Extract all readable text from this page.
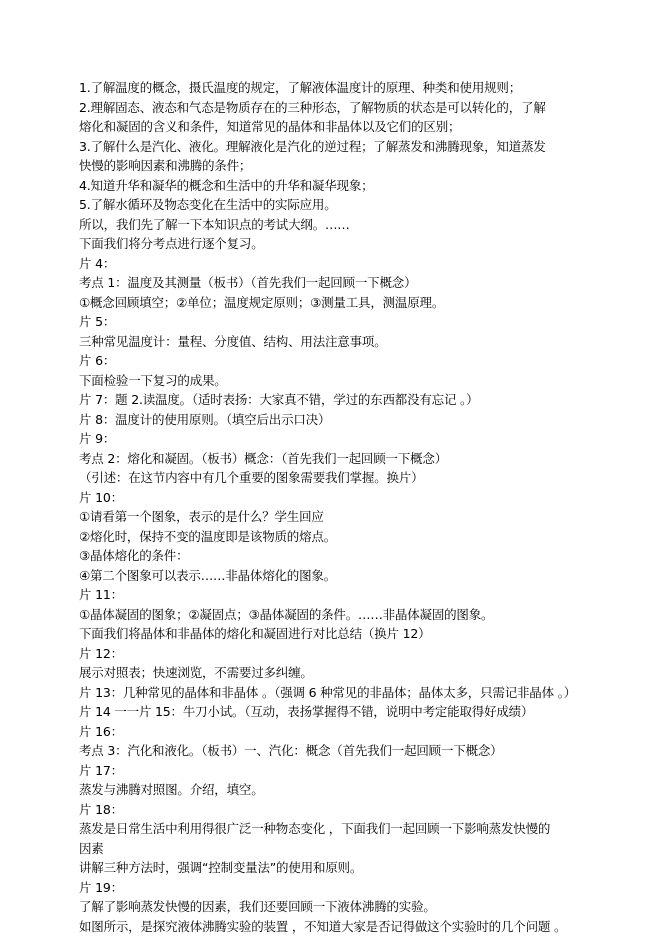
1.了解温度的概念，摄氏温度的规定，了解液体温度计的原理、种类和使用规则；
2.理解固态、液态和气态是物质存在的三种形态，了解物质的状态是可以转化的，了解
熔化和凝固的含义和条件，知道常见的晶体和非晶体以及它们的区别；
3.了解什么是汽化、液化。理解液化是汽化的逆过程；了解蒸发和沸腾现象，知道蒸发
快慢的影响因素和沸腾的条件；
4.知道升华和凝华的概念和生活中的升华和凝华现象；
5.了解水循环及物态变化在生活中的实际应用。
所以，我们先了解一下本知识点的考试大纲。……
下面我们将分考点进行逐个复习。
片 4：
考点 1：温度及其测量（板书）（首先我们一起回顾一下概念）
①概念回顾填空；②单位；温度规定原则；③测量工具，测温原理。
片 5：
三种常见温度计：量程、分度值、结构、用法注意事项。
片 6：
下面检验一下复习的成果。
片 7：题 2.读温度。（适时表扬：大家真不错，学过的东西都没有忘记 。）
片 8：温度计的使用原则。（填空后出示口决）
片 9：
考点 2：熔化和凝固。（板书）概念：（首先我们一起回顾一下概念）
（引述：在这节内容中有几个重要的图象需要我们掌握。换片）
片 10：
①请看第一个图象，表示的是什么？学生回应
②熔化时，保持不变的温度即是该物质的熔点。
③晶体熔化的条件：
④第二个图象可以表示……非晶体熔化的图象。
片 11：
①晶体凝固的图象；②凝固点；③晶体凝固的条件。……非晶体凝固的图象。
下面我们将晶体和非晶体的熔化和凝固进行对比总结（换片 12）
片 12：
展示对照表；快速浏览，不需要过多纠缠。
片 13：几种常见的晶体和非晶体 。（强调 6 种常见的非晶体；晶体太多，只需记非晶体 。）
片 14 一一片 15：牛刀小试。（互动，表扬掌握得不错，说明中考定能取得好成绩）
片 16：
考点 3：汽化和液化。（板书）一、汽化：概念（首先我们一起回顾一下概念）
片 17：
蒸发与沸腾对照图。介绍，填空。
片 18：
蒸发是日常生活中利用得很广泛一种物态变化 ，下面我们一起回顾一下影响蒸发快慢的
因素
讲解三种方法时，强调“控制变量法”的使用和原则。
片 19：
了解了影响蒸发快慢的因素，我们还要回顾一下液体沸腾的实验。
如图所示，是探究液体沸腾实验的装置 ，不知道大家是否记得做这个实验时的几个问题 。
